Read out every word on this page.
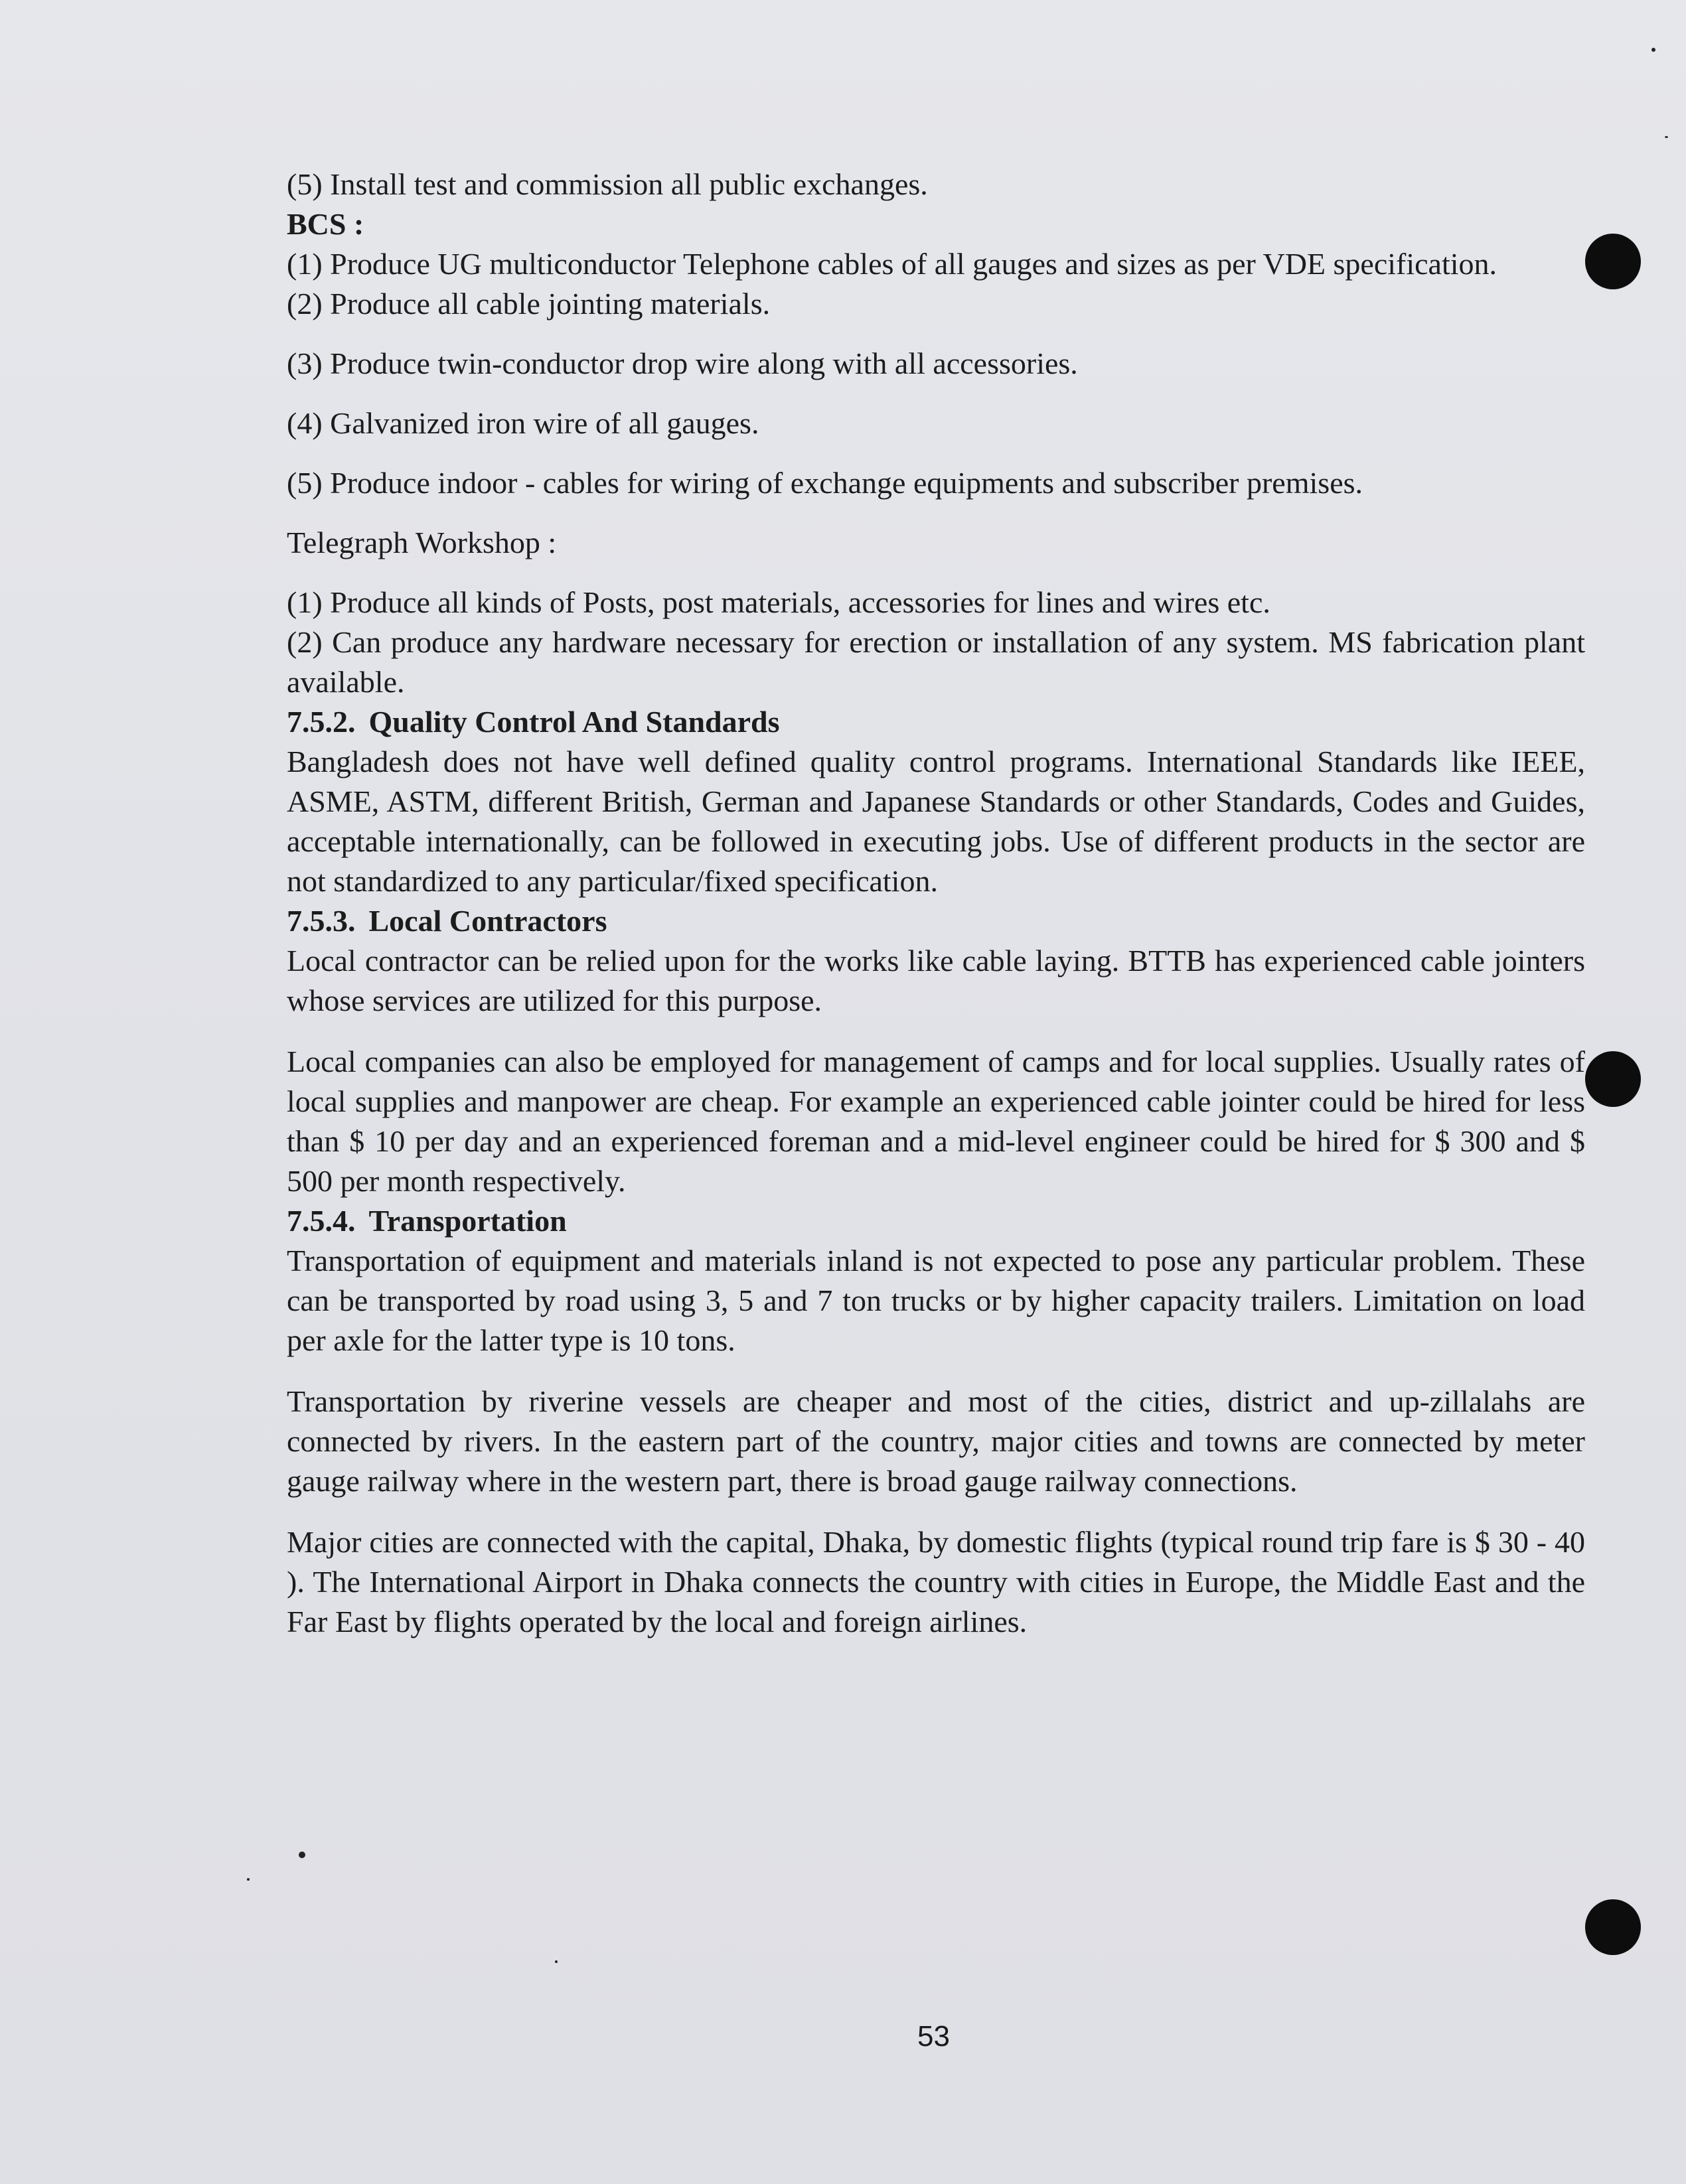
(5) Install test and commission all public exchanges.

BCS :

(1) Produce UG multiconductor Telephone cables of all gauges and sizes as per VDE specification.

(2) Produce all cable jointing materials.

(3) Produce twin-conductor drop wire along with all accessories.

(4) Galvanized iron wire of all gauges.

(5) Produce indoor - cables for wiring of exchange equipments and subscriber premises.

Telegraph Workshop :

(1) Produce all kinds of Posts, post materials, accessories for lines and wires etc.

(2) Can produce any hardware necessary for erection or installation of any system. MS fabrication plant available.

7.5.2. Quality Control And Standards

Bangladesh does not have well defined quality control programs. International Standards like IEEE, ASME, ASTM, different British, German and Japanese Standards or other Standards, Codes and Guides, acceptable internationally, can be followed in executing jobs. Use of different products in the sector are not standardized to any particular/fixed specification.

7.5.3. Local Contractors

Local contractor can be relied upon for the works like cable laying. BTTB has experienced cable jointers whose services are utilized for this purpose.

Local companies can also be employed for management of camps and for local supplies. Usually rates of local supplies and manpower are cheap. For example an experienced cable jointer could be hired for less than $ 10 per day and an experienced foreman and a mid-level engineer could be hired for $ 300 and $ 500 per month respectively.

7.5.4. Transportation

Transportation of equipment and materials inland is not expected to pose any particular problem. These can be transported by road using 3, 5 and 7 ton trucks or by higher capacity trailers. Limitation on load per axle for the latter type is 10 tons.

Transportation by riverine vessels are cheaper and most of the cities, district and up-zillalahs are connected by rivers. In the eastern part of the country, major cities and towns are connected by meter gauge railway where in the western part, there is broad gauge railway connections.

Major cities are connected with the capital, Dhaka, by domestic flights (typical round trip fare is $ 30 - 40 ). The International Airport in Dhaka connects the country with cities in Europe, the Middle East and the Far East by flights operated by the local and foreign airlines.

53
